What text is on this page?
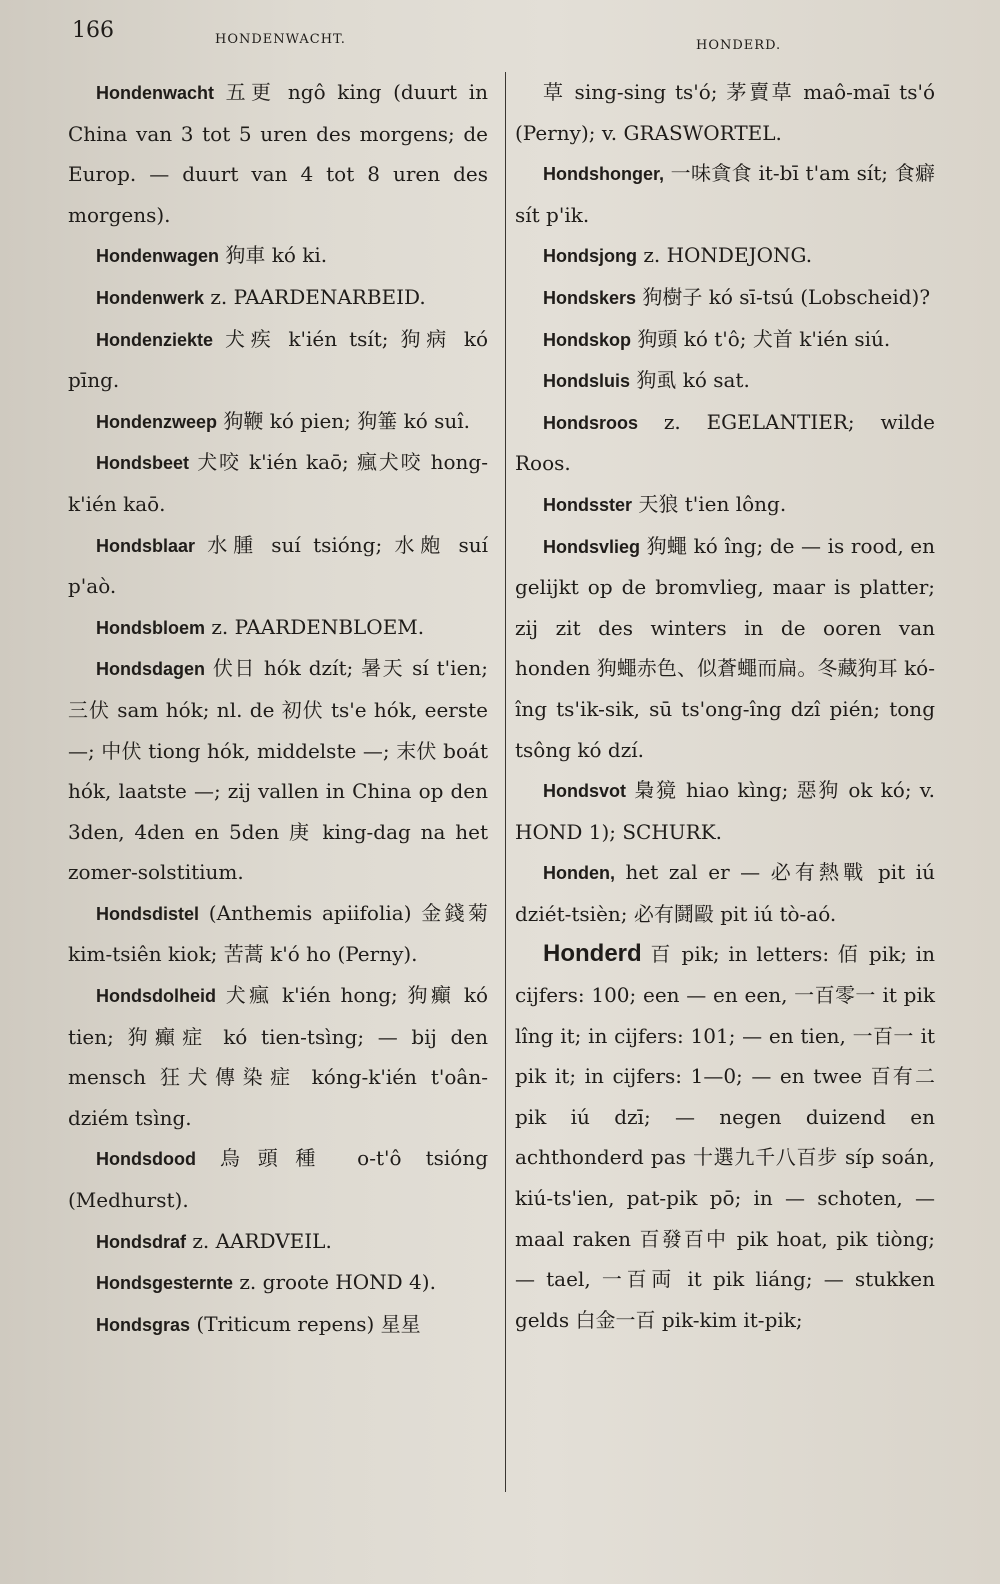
166	HONDENWACHT.	HONDERD.

Hondenwacht 五更 ngô king (duurt in China van 3 tot 5 uren des morgens; de Europ. — duurt van 4 tot 8 uren des morgens).

Hondenwagen 狗車 kó ki.

Hondenwerk z. PAARDENARBEID.

Hondenziekte 犬疾 k'ién tsít; 狗病 kó pīng.

Hondenzweep 狗鞭 kó pien; 狗箠 kó suî.

Hondsbeet 犬咬 k'ién kaō; 瘋犬咬 hong-k'ién kaō.

Hondsblaar 水腫 suí tsióng; 水皰 suí p'aò.

Hondsbloem z. PAARDENBLOEM.

Hondsdagen 伏日 hók dzít; 暑天 sí t'ien; 三伏 sam hók; nl. de 初伏 ts'e hók, eerste —; 中伏 tiong hók, middelste —; 末伏 boát hók, laatste —; zij vallen in China op den 3den, 4den en 5den 庚 king-dag na het zomer-solstitium.

Hondsdistel (Anthemis apiifolia) 金錢菊 kim-tsiên kiok; 苦蒿 k'ó ho (Perny).

Hondsdolheid 犬瘋 k'ién hong; 狗癲 kó tien; 狗癲症 kó tien-tsìng; — bij den mensch 狂犬傳染症 kóng-k'ién t'oân-dziém tsìng.

Hondsdood 烏頭種 o-t'ô tsióng (Medhurst).

Hondsdraf z. AARDVEIL.

Hondsgesternte z. groote HOND 4).

Hondsgras (Triticum repens) 星星

草 sing-sing ts'ó; 茅賣草 maô-maī ts'ó (Perny); v. GRASWORTEL.

Hondshonger, 一味貪食 it-bī t'am sít; 食癖 sít p'ik.

Hondsjong z. HONDEJONG.

Hondskers 狗樹子 kó sī-tsú (Lobscheid)?

Hondskop 狗頭 kó t'ô; 犬首 k'ién siú.

Hondsluis 狗虱 kó sat.

Hondsroos z. EGELANTIER; wilde Roos.

Hondsster 天狼 t'ien lông.

Hondsvlieg 狗蠅 kó îng; de — is rood, en gelijkt op de bromvlieg, maar is platter; zij zit des winters in de ooren van honden 狗蠅赤色、似蒼蠅而扁。冬藏狗耳 kó-îng ts'ik-sik, sū ts'ong-îng dzî pién; tong tsông kó dzí.

Hondsvot 梟獍 hiao kìng; 惡狗 ok kó; v. HOND 1); SCHURK.

Honden, het zal er — 必有熱戰 pit iú dziét-tsièn; 必有鬪毆 pit iú tò-aó.

Honderd 百 pik; in letters: 佰 pik; in cijfers: 100; een — en een, 一百零一 it pik lîng it; in cijfers: 101; — en tien, 一百一 it pik it; in cijfers: 1—0; — en twee 百有二 pik iú dzī; — negen duizend en achthonderd pas 十選九千八百步 síp soán, kiú-ts'ien, pat-pik pō; in — schoten, —maal raken 百發百中 pik hoat, pik tiòng; — tael, 一百両 it pik liáng; — stukken gelds 白金一百 pik-kim it-pik;
